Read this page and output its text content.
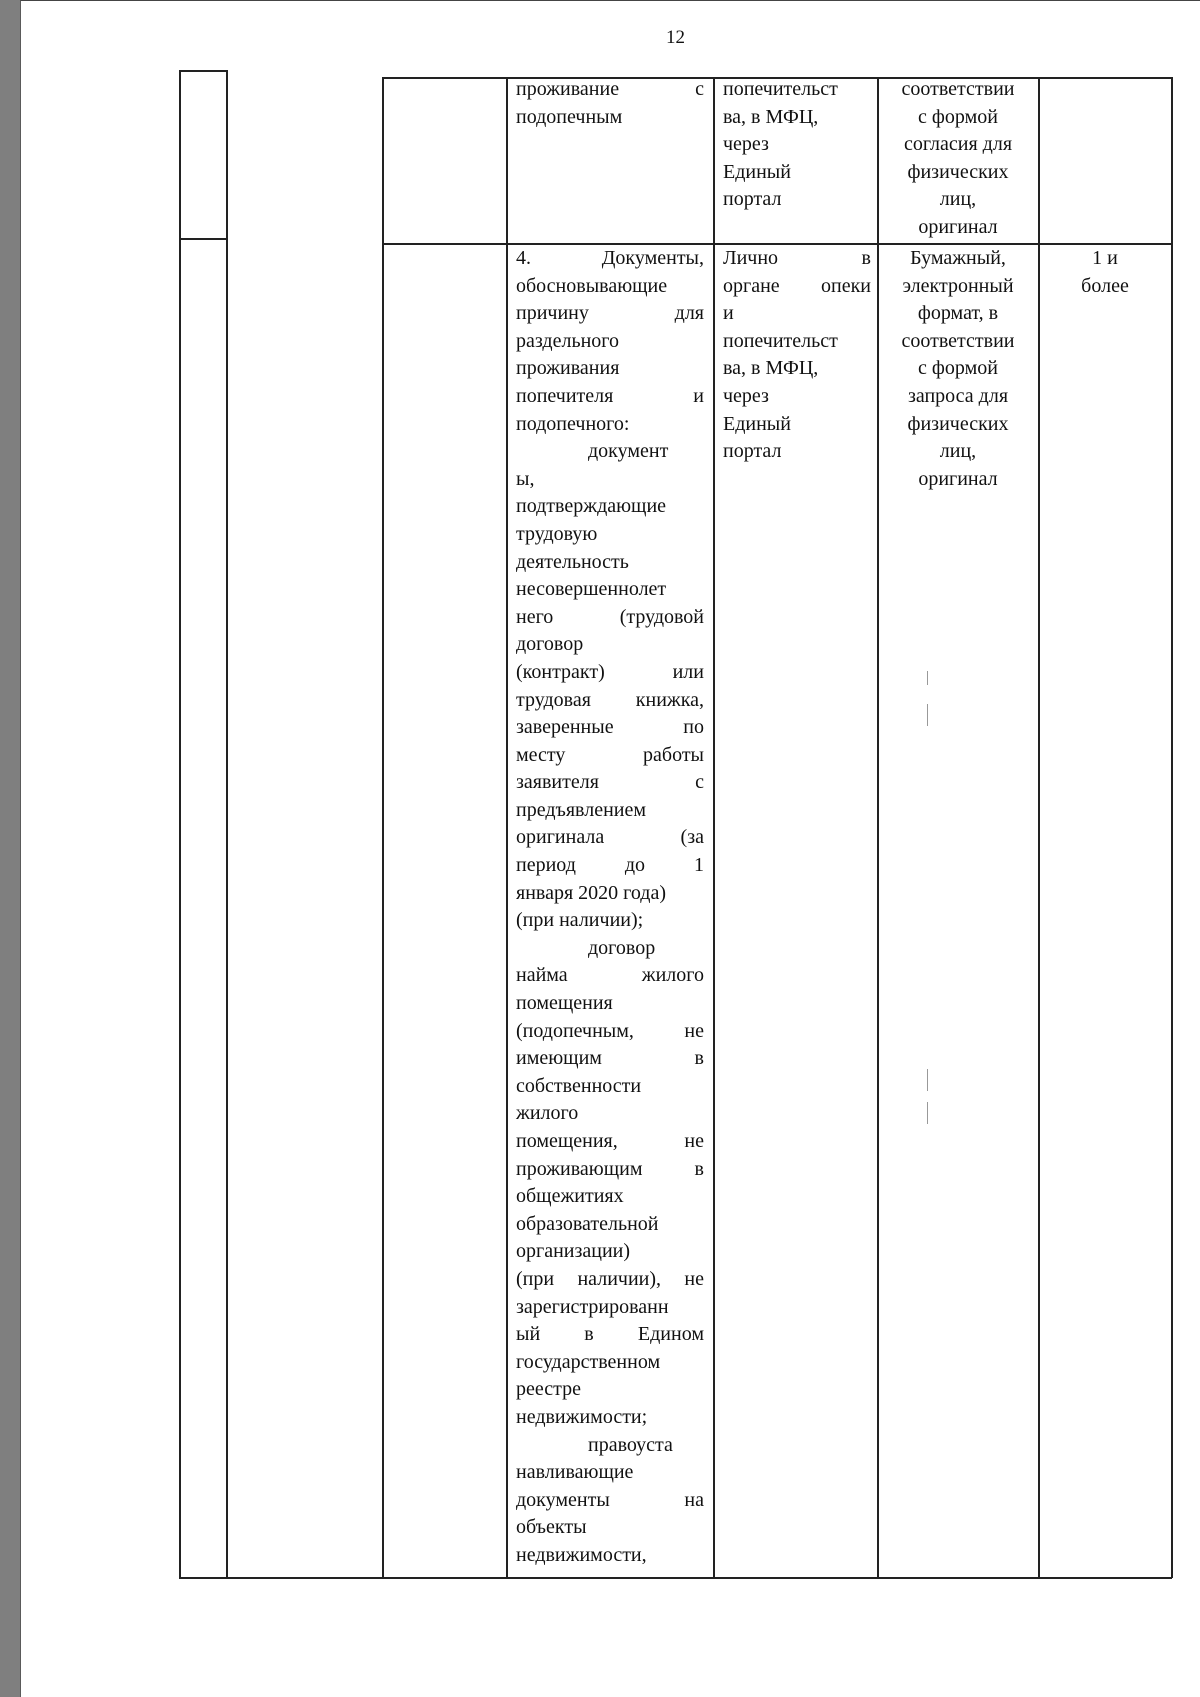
12

проживание с

подопечным

попечительст
ва, в МФЦ,
через
Единый
портал
соответствии
с формой
согласия для
физических
лиц,
оригинал

4. Документы,

обосновывающие

причину для

раздельного

проживания

попечителя и

подопечного:

документ

ы,

подтверждающие

трудовую

деятельность

несовершеннолет

него (трудовой

договор

(контракт) или

трудовая книжка,

заверенные по

месту работы

заявителя с

предъявлением

оригинала (за

период до 1

января 2020 года)

(при наличии);

договор

найма жилого

помещения

(подопечным, не

имеющим в

собственности

жилого

помещения, не

проживающим в

общежитиях

образовательной

организации)

(при наличии), не

зарегистрированн

ый в Едином

государственном

реестре

недвижимости;

правоуста

навливающие

документы на

объекты

недвижимости,

Лично в

органе опеки

и

попечительст

ва, в МФЦ,

через

Единый

портал

Бумажный,
электронный
формат, в
соответствии
с формой
запроса для
физических
лиц,
оригинал
1 и
более
